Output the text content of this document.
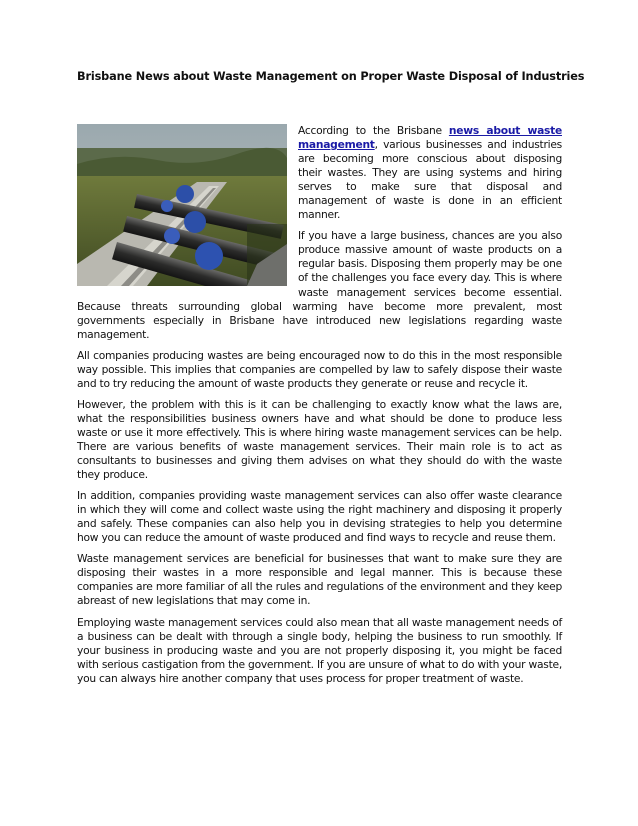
Brisbane News about Waste Management on Proper Waste Disposal of Industries

According to the Brisbane news about waste management, various businesses and industries are becoming more conscious about disposing their wastes. They are using systems and hiring serves to make sure that disposal and management of waste is done in an efficient manner.

If you have a large business, chances are you also produce massive amount of waste products on a regular basis. Disposing them properly may be one of the challenges you face every day. This is where waste management services become essential. Because threats surrounding global warming have become more prevalent, most governments especially in Brisbane have introduced new legislations regarding waste management.

All companies producing wastes are being encouraged now to do this in the most responsible way possible. This implies that companies are compelled by law to safely dispose their waste and to try reducing the amount of waste products they generate or reuse and recycle it.

However, the problem with this is it can be challenging to exactly know what the laws are, what the responsibilities business owners have and what should be done to produce less waste or use it more effectively. This is where hiring waste management services can be help. There are various benefits of waste management services. Their main role is to act as consultants to businesses and giving them advises on what they should do with the waste they produce.

In addition, companies providing waste management services can also offer waste clearance in which they will come and collect waste using the right machinery and disposing it properly and safely. These companies can also help you in devising strategies to help you determine how you can reduce the amount of waste produced and find ways to recycle and reuse them.

Waste management services are beneficial for businesses that want to make sure they are disposing their wastes in a more responsible and legal manner. This is because these companies are more familiar of all the rules and regulations of the environment and they keep abreast of new legislations that may come in.

Employing waste management services could also mean that all waste management needs of a business can be dealt with through a single body, helping the business to run smoothly. If your business in producing waste and you are not properly disposing it, you might be faced with serious castigation from the government. If you are unsure of what to do with your waste, you can always hire another company that uses process for proper treatment of waste.
